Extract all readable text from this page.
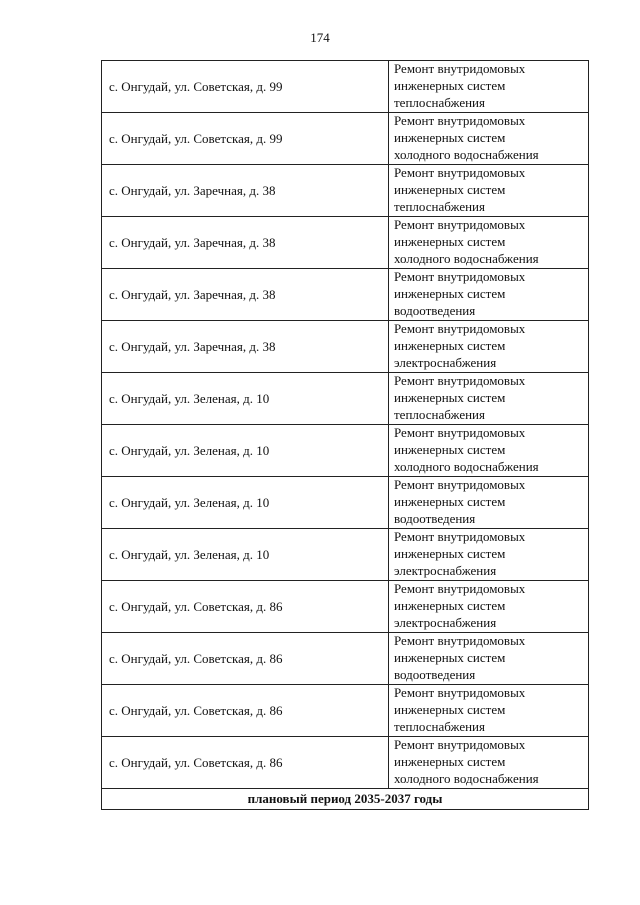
174
с. Онгудай, ул. Советская, д. 99	Ремонт внутридомовых
инженерных систем
теплоснабжения

с. Онгудай, ул. Советская, д. 99	Ремонт внутридомовых
инженерных систем
холодного водоснабжения

с. Онгудай, ул. Заречная, д. 38	Ремонт внутридомовых
инженерных систем
теплоснабжения

с. Онгудай, ул. Заречная, д. 38	Ремонт внутридомовых
инженерных систем
холодного водоснабжения

с. Онгудай, ул. Заречная, д. 38	Ремонт внутридомовых
инженерных систем
водоотведения

с. Онгудай, ул. Заречная, д. 38	Ремонт внутридомовых
инженерных систем
электроснабжения

с. Онгудай, ул. Зеленая, д. 10	Ремонт внутридомовых
инженерных систем
теплоснабжения

с. Онгудай, ул. Зеленая, д. 10	Ремонт внутридомовых
инженерных систем
холодного водоснабжения

с. Онгудай, ул. Зеленая, д. 10	Ремонт внутридомовых
инженерных систем
водоотведения

с. Онгудай, ул. Зеленая, д. 10	Ремонт внутридомовых
инженерных систем
электроснабжения

с. Онгудай, ул. Советская, д. 86	Ремонт внутридомовых
инженерных систем
электроснабжения

с. Онгудай, ул. Советская, д. 86	Ремонт внутридомовых
инженерных систем
водоотведения

с. Онгудай, ул. Советская, д. 86	Ремонт внутридомовых
инженерных систем
теплоснабжения

с. Онгудай, ул. Советская, д. 86	Ремонт внутридомовых
инженерных систем
холодного водоснабжения

плановый период 2035-2037 годы	
